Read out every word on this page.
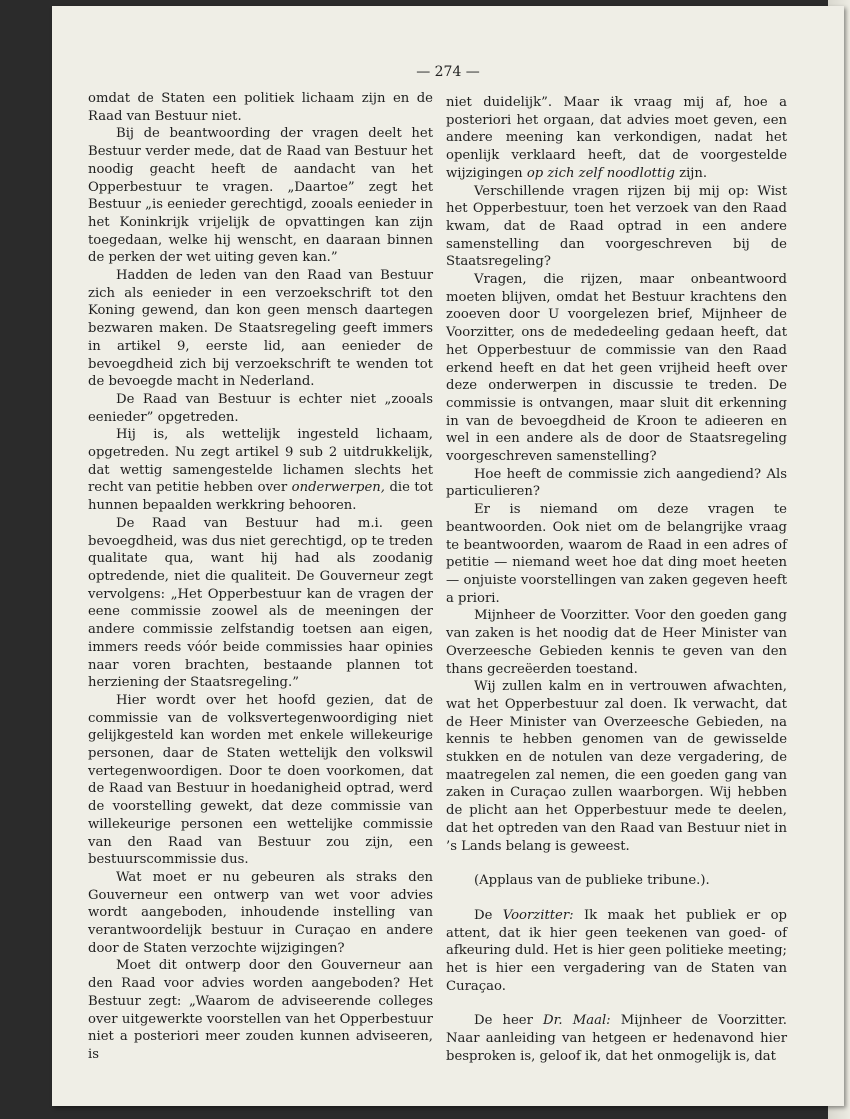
— 274 —

omdat de Staten een politiek lichaam zijn en de Raad van Bestuur niet.

Bij de beantwoording der vragen deelt het Bestuur verder mede, dat de Raad van Bestuur het noodig geacht heeft de aandacht van het Opperbestuur te vragen. „Daartoe” zegt het Bestuur „is eenieder gerechtigd, zooals eenieder in het Koninkrijk vrijelijk de opvattingen kan zijn toegedaan, welke hij wenscht, en daaraan binnen de perken der wet uiting geven kan.”

Hadden de leden van den Raad van Bestuur zich als eenieder in een verzoekschrift tot den Koning gewend, dan kon geen mensch daartegen bezwaren maken. De Staatsregeling geeft immers in artikel 9, eerste lid, aan eenieder de bevoegdheid zich bij verzoekschrift te wenden tot de bevoegde macht in Nederland.

De Raad van Bestuur is echter niet „zooals eenieder” opgetreden.

Hij is, als wettelijk ingesteld lichaam, opgetreden. Nu zegt artikel 9 sub 2 uitdrukkelijk, dat wettig samengestelde lichamen slechts het recht van petitie hebben over onderwerpen, die tot hunnen bepaalden werkkring behooren.

De Raad van Bestuur had m.i. geen bevoegdheid, was dus niet gerechtigd, op te treden qualitate qua, want hij had als zoodanig optredende, niet die qualiteit. De Gouverneur zegt vervolgens: „Het Opperbestuur kan de vragen der eene commissie zoowel als de meeningen der andere commissie zelfstandig toetsen aan eigen, immers reeds vóór beide commissies haar opinies naar voren brachten, bestaande plannen tot herziening der Staatsregeling.”

Hier wordt over het hoofd gezien, dat de commissie van de volksvertegenwoordiging niet gelijkgesteld kan worden met enkele willekeurige personen, daar de Staten wettelijk den volkswil vertegenwoordigen. Door te doen voorkomen, dat de Raad van Bestuur in hoedanigheid optrad, werd de voorstelling gewekt, dat deze commissie van willekeurige personen een wettelijke commissie van den Raad van Bestuur zou zijn, een bestuurscommissie dus.

Wat moet er nu gebeuren als straks den Gouverneur een ontwerp van wet voor advies wordt aangeboden, inhoudende instelling van verantwoordelijk bestuur in Curaçao en andere door de Staten verzochte wijzigingen?

Moet dit ontwerp door den Gouverneur aan den Raad voor advies worden aangeboden? Het Bestuur zegt: „Waarom de adviseerende colleges over uitgewerkte voorstellen van het Opperbestuur niet a posteriori meer zouden kunnen adviseeren, is

niet duidelijk”. Maar ik vraag mij af, hoe a posteriori het orgaan, dat advies moet geven, een andere meening kan verkondigen, nadat het openlijk verklaard heeft, dat de voorgestelde wijzigingen op zich zelf noodlottig zijn.

Verschillende vragen rijzen bij mij op: Wist het Opperbestuur, toen het verzoek van den Raad kwam, dat de Raad optrad in een andere samenstelling dan voorgeschreven bij de Staatsregeling?

Vragen, die rijzen, maar onbeantwoord moeten blijven, omdat het Bestuur krachtens den zooeven door U voorgelezen brief, Mijnheer de Voorzitter, ons de mededeeling gedaan heeft, dat het Opperbestuur de commissie van den Raad erkend heeft en dat het geen vrijheid heeft over deze onderwerpen in discussie te treden. De commissie is ontvangen, maar sluit dit erkenning in van de bevoegdheid de Kroon te adieeren en wel in een andere als de door de Staatsregeling voorgeschreven samenstelling?

Hoe heeft de commissie zich aangediend? Als particulieren?

Er is niemand om deze vragen te beantwoorden. Ook niet om de belangrijke vraag te beantwoorden, waarom de Raad in een adres of petitie — niemand weet hoe dat ding moet heeten — onjuiste voorstellingen van zaken gegeven heeft a priori.

Mijnheer de Voorzitter. Voor den goeden gang van zaken is het noodig dat de Heer Minister van Overzeesche Gebieden kennis te geven van den thans gecreëerden toestand.

Wij zullen kalm en in vertrouwen afwachten, wat het Opperbestuur zal doen. Ik verwacht, dat de Heer Minister van Overzeesche Gebieden, na kennis te hebben genomen van de gewisselde stukken en de notulen van deze vergadering, de maatregelen zal nemen, die een goeden gang van zaken in Curaçao zullen waarborgen. Wij hebben de plicht aan het Opperbestuur mede te deelen, dat het optreden van den Raad van Bestuur niet in ’s Lands belang is geweest.

(Applaus van de publieke tribune.).

De Voorzitter: Ik maak het publiek er op attent, dat ik hier geen teekenen van goed- of afkeuring duld. Het is hier geen politieke meeting; het is hier een vergadering van de Staten van Curaçao.

De heer Dr. Maal: Mijnheer de Voorzitter. Naar aanleiding van hetgeen er hedenavond hier besproken is, geloof ik, dat het onmogelijk is, dat
